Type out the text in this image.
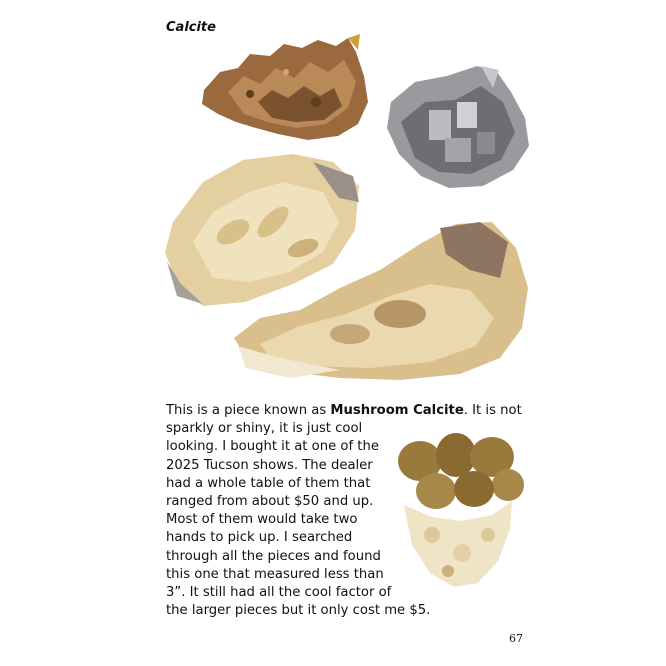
Calcite
This is a piece known as Mushroom Calcite. It is not
sparkly or shiny, it is just cool
looking. I bought it at one of the
2025 Tucson shows. The dealer
had a whole table of them that
ranged from about $50 and up.
Most of them would take two
hands to pick up. I searched
through all the pieces and found
this one that measured less than
3”. It still had all the cool factor of
the larger pieces but it only cost me $5.
67
